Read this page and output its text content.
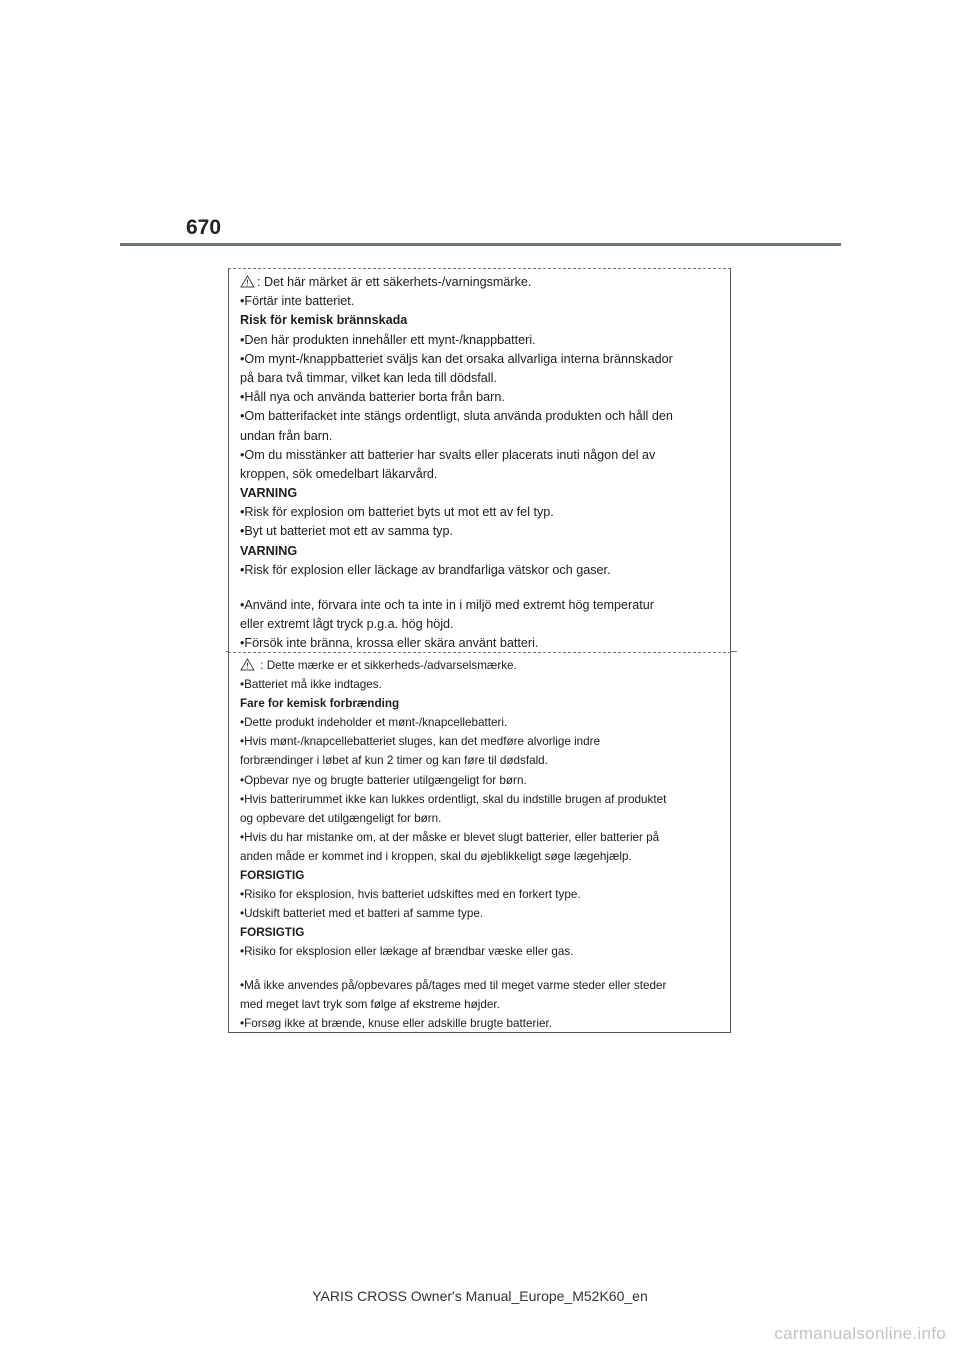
670
: Det här märket är ett säkerhets-/varningsmärke.
•Förtär inte batteriet.
Risk för kemisk brännskada
•Den här produkten innehåller ett mynt-/knappbatteri.
•Om mynt-/knappbatteriet sväljs kan det orsaka allvarliga interna brännskador
på bara två timmar, vilket kan leda till dödsfall.
•Håll nya och använda batterier borta från barn.
•Om batterifacket inte stängs ordentligt, sluta använda produkten och håll den
undan från barn.
•Om du misstänker att batterier har svalts eller placerats inuti någon del av
kroppen, sök omedelbart läkarvård.
VARNING
•Risk för explosion om batteriet byts ut mot ett av fel typ.
•Byt ut batteriet mot ett av samma typ.
VARNING
•Risk för explosion eller läckage av brandfarliga vätskor och gaser.
•Använd inte, förvara inte och ta inte in i miljö med extremt hög temperatur
eller extremt lågt tryck p.g.a. hög höjd.
•Försök inte bränna, krossa eller skära använt batteri.
: Dette mærke er et sikkerheds-/advarselsmærke.
•Batteriet må ikke indtages.
Fare for kemisk forbrænding
•Dette produkt indeholder et mønt-/knapcellebatteri.
•Hvis mønt-/knapcellebatteriet sluges, kan det medføre alvorlige indre
forbrændinger i løbet af kun 2 timer og kan føre til dødsfald.
•Opbevar nye og brugte batterier utilgængeligt for børn.
•Hvis batterirummet ikke kan lukkes ordentligt, skal du indstille brugen af produktet
og opbevare det utilgængeligt for børn.
•Hvis du har mistanke om, at der måske er blevet slugt batterier, eller batterier på
anden måde er kommet ind i kroppen, skal du øjeblikkeligt søge lægehjælp.
FORSIGTIG
•Risiko for eksplosion, hvis batteriet udskiftes med en forkert type.
•Udskift batteriet med et batteri af samme type.
FORSIGTIG
•Risiko for eksplosion eller lækage af brændbar væske eller gas.
•Må ikke anvendes på/opbevares på/tages med til meget varme steder eller steder
med meget lavt tryk som følge af ekstreme højder.
•Forsøg ikke at brænde, knuse eller adskille brugte batterier.
YARIS CROSS Owner's Manual_Europe_M52K60_en
carmanualsonline.info
